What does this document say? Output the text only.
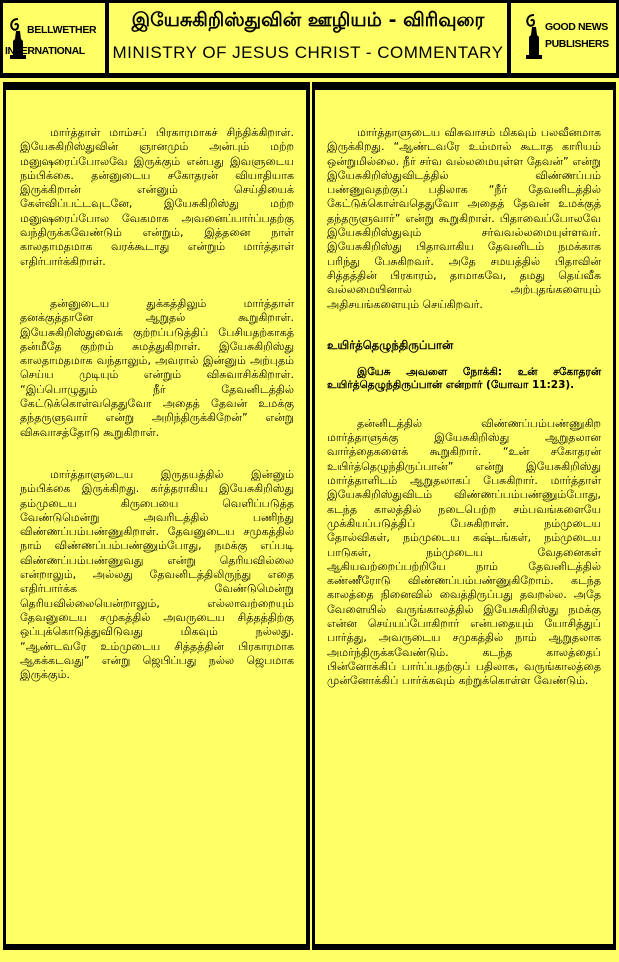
BELLWETHER
INTERNATIONAL
இயேசுகிறிஸ்துவின் ஊழியம் - விரிவுரை
MINISTRY OF JESUS CHRIST - COMMENTARY
GOOD NEWS
PUBLISHERS

மார்த்தாள் மாம்சப் பிரகாரமாகச் சிந்திக்கிறாள். இயேசுகிறிஸ்துவின் ஞானமும் அன்பும் மற்ற மனுஷரைப்போலவே இருக்கும் என்பது இவளுடைய நம்பிக்கை. தன்னுடைய சகோதரன் வியாதியாக இருக்கிறான் என்னும் செய்தியைக் கேள்விப்பட்டவுடனே, இயேசுகிறிஸ்து மற்ற மனுஷரைப்போல வேகமாக அவனைப்பார்ப்பதற்கு வந்திருக்கவேண்டும் என்றும், இத்தனை நாள் காலதாமதமாக வரக்கூடாது என்றும் மார்த்தாள் எதிர்பார்க்கிறாள்.

தன்னுடைய துக்கத்திலும் மார்த்தாள் தனக்குத்தானே ஆறுதல் கூறுகிறாள். இயேசுகிறிஸ்துவைக் குற்றப்படுத்திப் பேசியதற்காகத் தன்மீதே குற்றம் சுமத்துகிறாள். இயேசுகிறிஸ்து காலதாமதமாக வந்தாலும், அவரால் இன்னும் அற்புதம் செய்ய முடியும் என்றும் விசுவாசிக்கிறாள். “இப்பொழுதும் நீர் தேவனிடத்தில் கேட்டுக்கொள்வதெதுவோ அதைத் தேவன் உமக்கு தந்தருளுவார் என்று அறிந்திருக்கிறேன்” என்று விசுவாசத்தோடு கூறுகிறாள்.

மார்த்தாளுடைய இருதயத்தில் இன்னும் நம்பிக்கை இருக்கிறது. கர்த்தராகிய இயேசுகிறிஸ்து தம்முடைய கிருபையை வெளிப்படுத்த வேண்டுமென்று அவரிடத்தில் பணிந்து விண்ணப்பம்பண்ணுகிறாள். தேவனுடைய சமுகத்தில் நாம் விண்ணப்பம்பண்ணும்போது, நமக்கு எப்படி விண்ணப்பம்பண்ணுவது என்று தெரியவில்லை என்றாலும், அல்லது தேவனிடத்திலிருந்து எதை எதிர்பார்க்க வேண்டுமென்று தெரியவில்லையென்றாலும், எல்லாவற்றையும் தேவனுடைய சமுகத்தில் அவருடைய சித்தத்திற்கு ஒப்புக்கொடுத்துவிடுவது மிகவும் நல்லது. “ஆண்டவரே உம்முடைய சித்தத்தின் பிரகாரமாக ஆகக்கடவது” என்று ஜெபிப்பது நல்ல ஜெபமாக இருக்கும்.

மார்த்தாளுடைய விசுவாசம் மிகவும் பலவீனமாக இருக்கிறது. “ஆண்டவரே உம்மால் கூடாத காரியம் ஒன்றுமில்லை. நீர் சர்வ வல்லமையுள்ள தேவன்” என்று இயேசுகிறிஸ்துவிடத்தில் விண்ணப்பம் பண்ணுவதற்குப் பதிலாக “நீர் தேவனிடத்தில் கேட்டுக்கொள்வதெதுவோ அதைத் தேவன் உமக்குத் தந்தருளுவார்” என்று கூறுகிறாள். பிதாவைப்போலவே இயேசுகிறிஸ்துவும் சர்வவல்லமையுள்ளவர். இயேசுகிறிஸ்து பிதாவாகிய தேவனிடம் நமக்காக பரிந்து பேசுகிறவர். அதே சமயத்தில் பிதாவின் சித்தத்தின் பிரகாரம், தாமாகவே, தமது தெய்வீக வல்லமையினால் அற்புதங்களையும் அதிசயங்களையும் செய்கிறவர்.

உயிர்த்தெழுந்திருப்பான்
இயேசு அவளை நோக்கி: உன் சகோதரன் உயிர்த்தெழுந்திருப்பான் என்றார் (யோவா 11:23).

தன்னிடத்தில் விண்ணப்பம்பண்ணுகிற மார்த்தாளுக்கு இயேசுகிறிஸ்து ஆறுதலான வார்த்தைகளைக் கூறுகிறார். “உன் சகோதரன் உயிர்த்தெழுந்திருப்பான்” என்று இயேசுகிறிஸ்து மார்த்தாளிடம் ஆறுதலாகப் பேசுகிறார். மார்த்தாள் இயேசுகிறிஸ்துவிடம் விண்ணப்பம்பண்ணும்போது, கடந்த காலத்தில் நடைபெற்ற சம்பவங்களையே முக்கியப்படுத்திப் பேசுகிறாள். நம்முடைய தோல்விகள், நம்முடைய கஷ்டங்கள், நம்முடைய பாடுகள், நம்முடைய வேதனைகள் ஆகியவற்றைப்பற்றியே நாம் தேவனிடத்தில் கண்ணீரோடு விண்ணப்பம்பண்ணுகிறோம். கடந்த காலத்தை நினைவில் வைத்திருப்பது தவறல்ல. அதே வேளையில் வருங்காலத்தில் இயேசுகிறிஸ்து நமக்கு என்ன செய்யப்போகிறார் என்பதையும் யோசித்துப் பார்த்து, அவருடைய சமுகத்தில் நாம் ஆறுதலாக அமர்ந்திருக்கவேண்டும். கடந்த காலத்தைப் பின்னோக்கிப் பார்ப்பதற்குப் பதிலாக, வருங்காலத்தை முன்னோக்கிப் பார்க்கவும் கற்றுக்கொள்ள வேண்டும்.
